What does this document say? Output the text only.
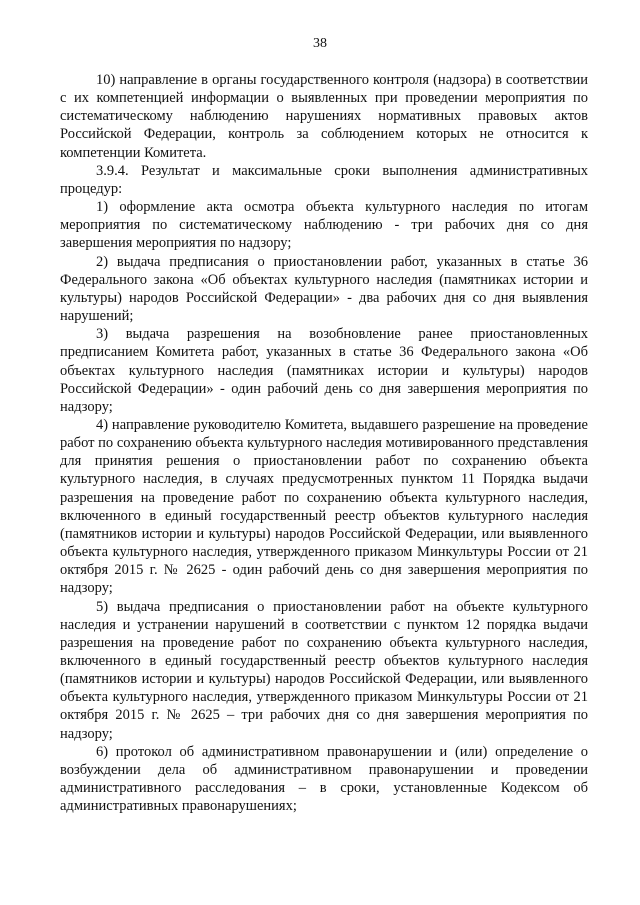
38

10) направление в органы государственного контроля (надзора) в соответствии с их компетенцией информации о выявленных при проведении мероприятия по систематическому наблюдению нарушениях нормативных правовых актов Российской Федерации, контроль за соблюдением которых не относится к компетенции Комитета.

3.9.4. Результат и максимальные сроки выполнения административных процедур:

1) оформление акта осмотра объекта культурного наследия по итогам мероприятия по систематическому наблюдению - три рабочих дня со дня завершения мероприятия по надзору;

2) выдача предписания о приостановлении работ, указанных в статье 36 Федерального закона «Об объектах культурного наследия (памятниках истории и культуры) народов Российской Федерации» - два рабочих дня со дня выявления нарушений;

3) выдача разрешения на возобновление ранее приостановленных предписанием Комитета работ, указанных в статье 36 Федерального закона «Об объектах культурного наследия (памятниках истории и культуры) народов Российской Федерации» - один рабочий день со дня завершения мероприятия по надзору;

4) направление руководителю Комитета, выдавшего разрешение на проведение работ по сохранению объекта культурного наследия мотивированного представления для принятия решения о приостановлении работ по сохранению объекта культурного наследия, в случаях предусмотренных пунктом 11 Порядка выдачи разрешения на проведение работ по сохранению объекта культурного наследия, включенного в единый государственный реестр объектов культурного наследия (памятников истории и культуры) народов Российской Федерации, или выявленного объекта культурного наследия, утвержденного приказом Минкультуры России от 21 октября 2015 г. № 2625 - один рабочий день со дня завершения мероприятия по надзору;

5) выдача предписания о приостановлении работ на объекте культурного наследия и устранении нарушений в соответствии с пунктом 12 порядка выдачи разрешения на проведение работ по сохранению объекта культурного наследия, включенного в единый государственный реестр объектов культурного наследия (памятников истории и культуры) народов Российской Федерации, или выявленного объекта культурного наследия, утвержденного приказом Минкультуры России от 21 октября 2015 г. № 2625 – три рабочих дня со дня завершения мероприятия по надзору;

6) протокол об административном правонарушении и (или) определение о возбуждении дела об административном правонарушении и проведении административного расследования – в сроки, установленные Кодексом об административных правонарушениях;
